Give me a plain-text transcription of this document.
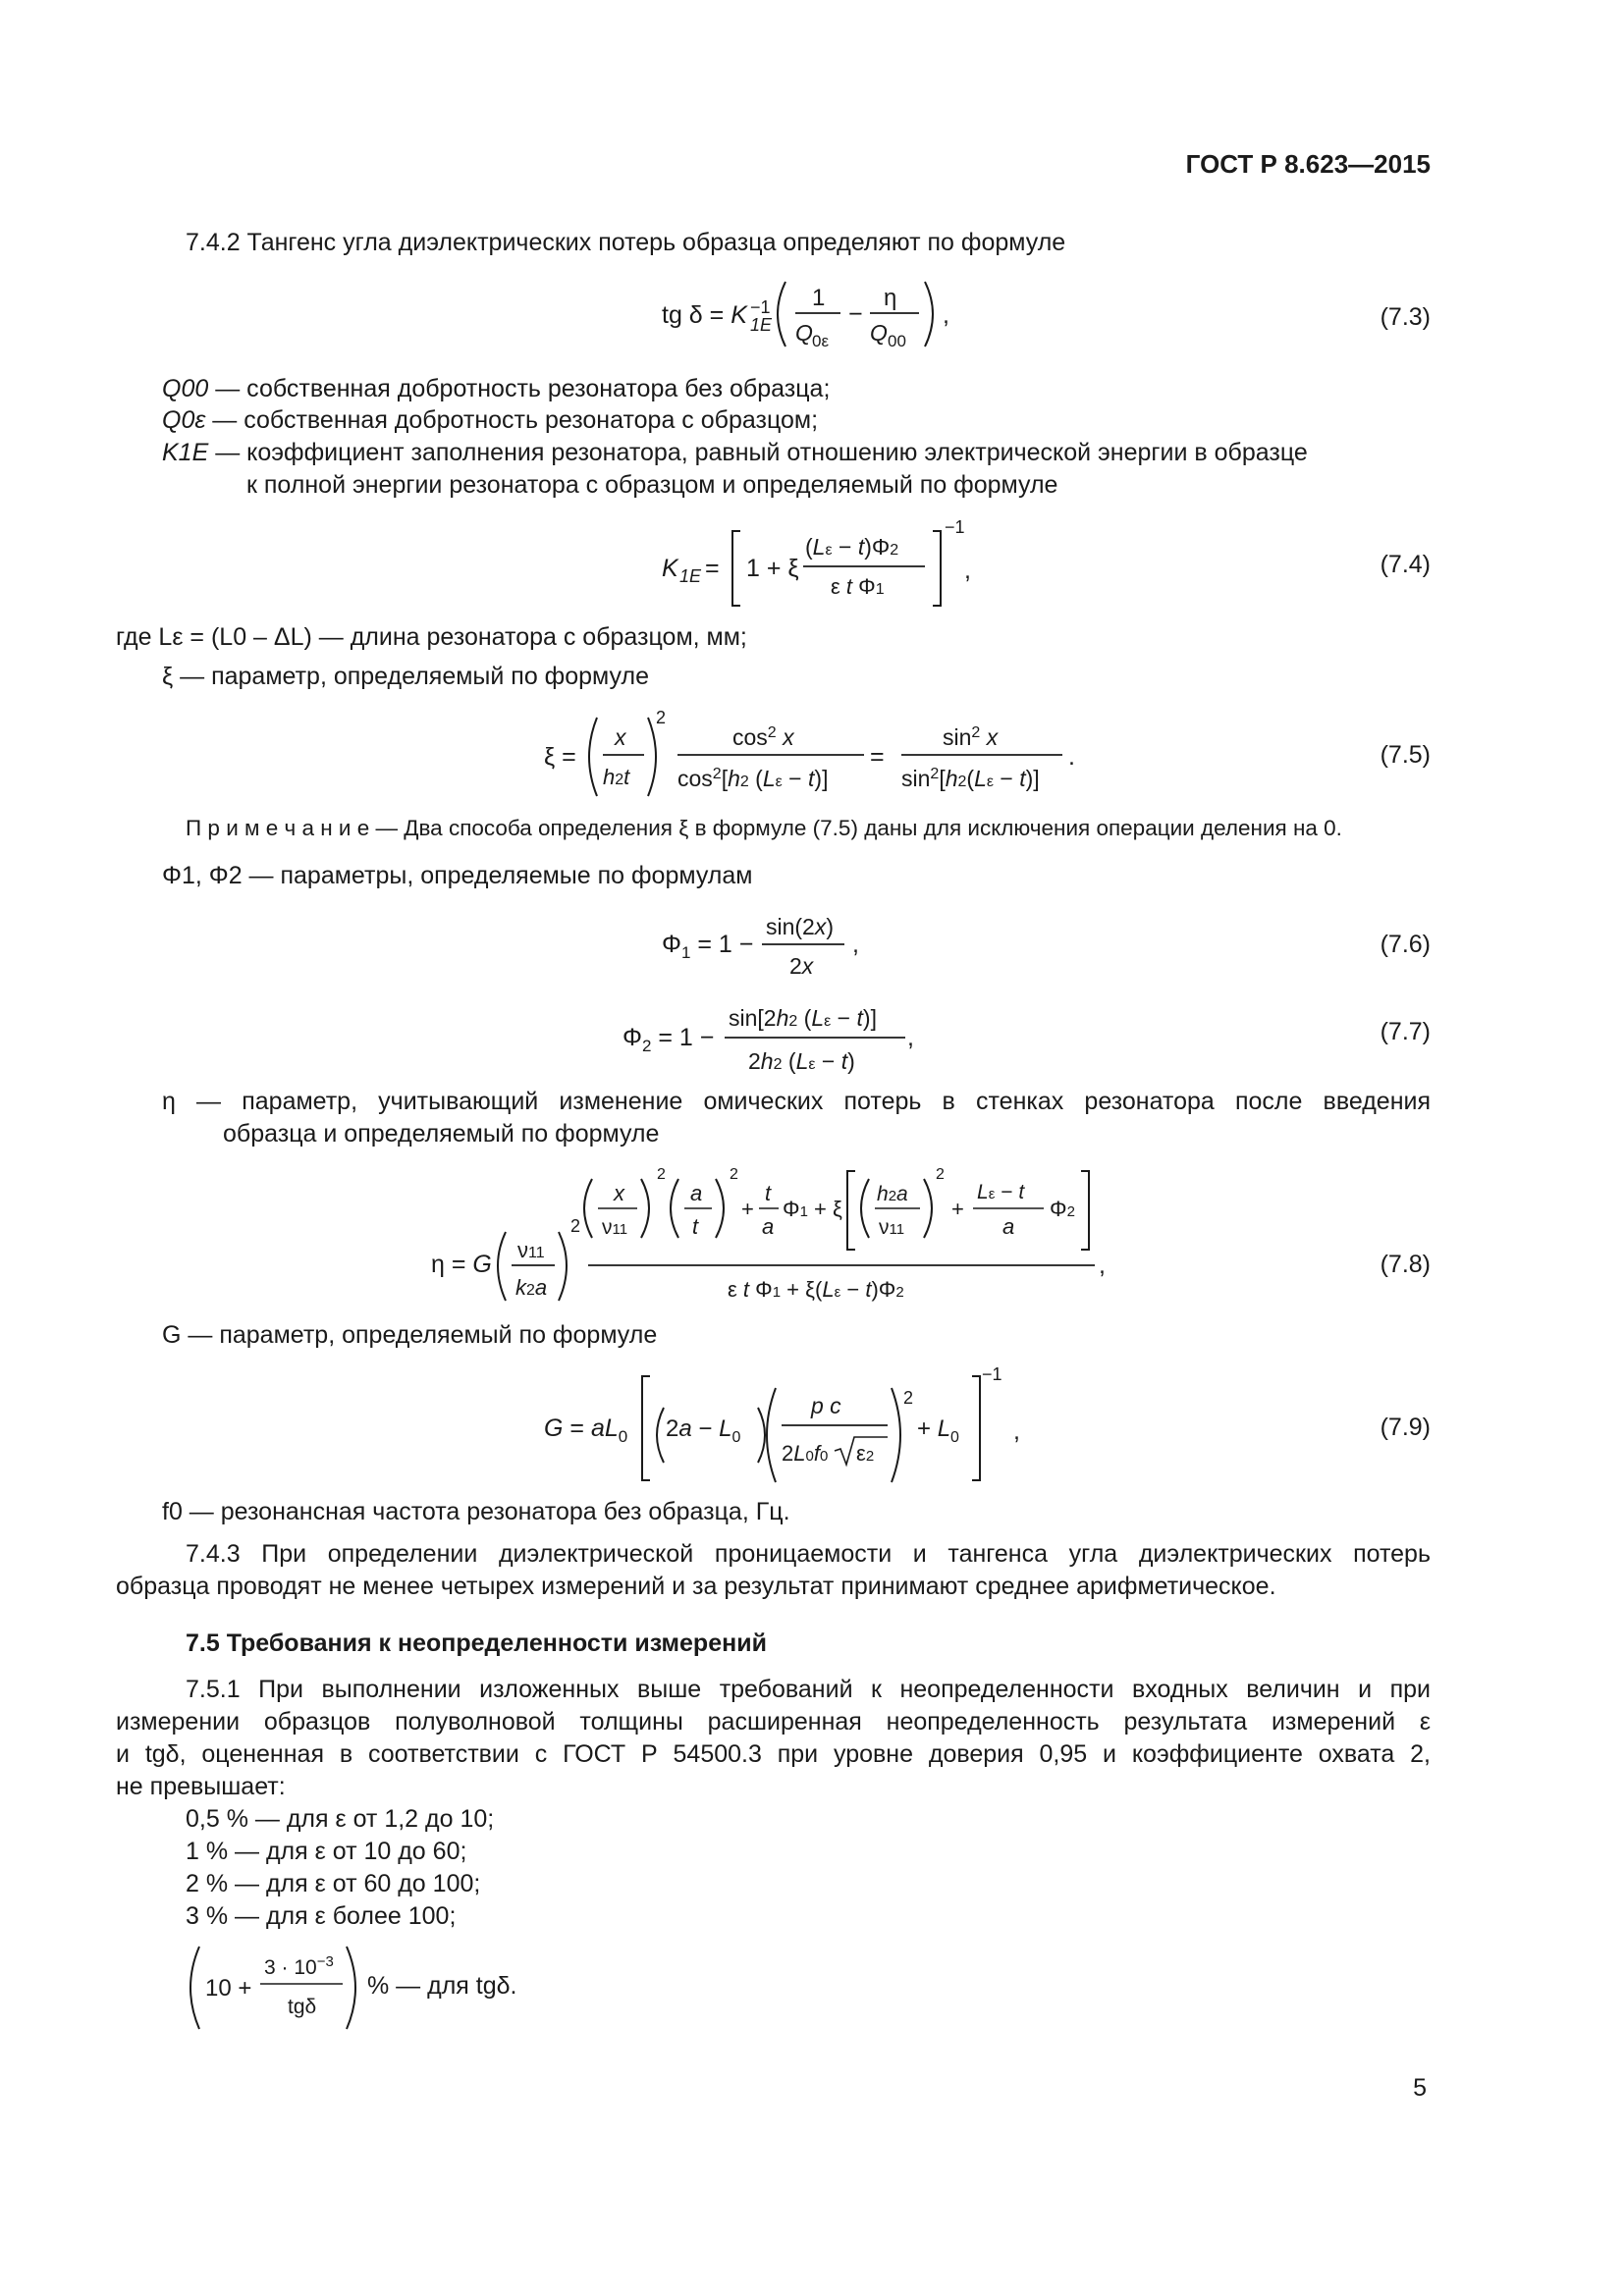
ГОСТ Р 8.623—2015
7.4.2 Тангенс угла диэлектрических потерь образца определяют по формуле
tg δ = K −1
1E
1
Q 0ε
−
η
Q 00
,	(7.3)
Q00 — собственная добротность резонатора без образца;
Q0ε — собственная добротность резонатора с образцом;
K1E — коэффициент заполнения резонатора, равный отношению электрической энергии в образце
к полной энергии резонатора с образцом и определяемый по формуле
K 1E = 1 + ξ
(Lε − t)Φ2
ε t Φ1
−1
,	(7.4)
где Lε = (L0 – ΔL) — длина резонатора с образцом, мм;
ξ — параметр, определяемый по формуле
ξ =
x
h2t
2
$\cos^2 x$
$\cos^2[h2$ (Lε − t)]
=
$\sin^2 x$
$\sin^2[h2(L\varepsilon - t)]$
.	(7.5)
П р и м е ч а н и е — Два способа определения ξ в формуле (7.5) даны для исключения операции деления на 0.
Φ1, Φ2 — параметры, определяемые по формулам
$\Phi_1 = 1$ −
sin(2x)
2x
,	(7.6)
$\Phi_2 = 1$ −
sin[2h2 (Lε − t)]
2h2 (Lε − t)
,	(7.7)
η — параметр, учитывающий изменение омических потерь в стенках резонатора после введения
образца и определяемый по формуле
η = G
ν11
k2a
2
x
ν11
2
a
t
2
+
t
a
Φ1 + ξ
h2a
ν11
2
+
Lε − t
a
Φ2
ε t Φ1 + ξ(Lε − t)Φ2
,	(7.8)
G — параметр, определяемый по формуле
$G = aL_0$ $2a - L_0$
p c
2L0f0 ε2
2
+ $L_0$
−1
,	(7.9)
f0 — резонансная частота резонатора без образца, Гц.
7.4.3 При определении диэлектрической проницаемости и тангенса угла диэлектрических потерь
образца проводят не менее четырех измерений и за результат принимают среднее арифметическое.
7.5 Требования к неопределенности измерений
7.5.1 При выполнении изложенных выше требований к неопределенности входных величин и при
измерении образцов полуволновой толщины расширенная неопределенность результата измерений ε
и tgδ, оцененная в соответствии с ГОСТ Р 54500.3 при уровне доверия 0,95 и коэффициенте охвата 2,
не превышает:
0,5 % — для ε от 1,2 до 10;
1 % — для ε от 10 до 60;
2 % — для ε от 60 до 100;
3 % — для ε более 100;
10 +
$3 \cdot 10^{-3}$
tgδ
% — для tgδ.
5
